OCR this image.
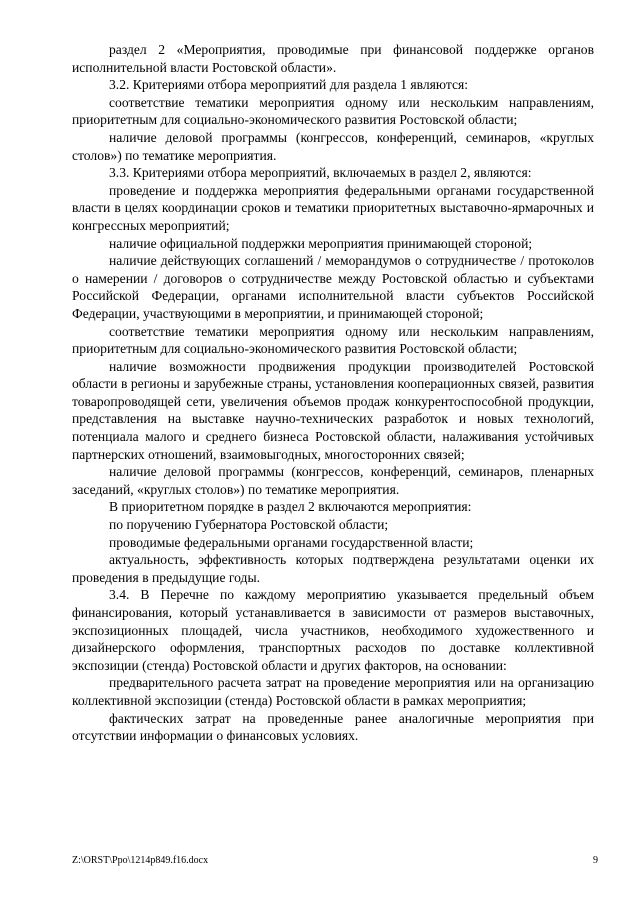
раздел 2 «Мероприятия, проводимые при финансовой поддержке органов исполнительной власти Ростовской области».

3.2. Критериями отбора мероприятий для раздела 1 являются:

соответствие тематики мероприятия одному или нескольким направлениям, приоритетным для социально-экономического развития Ростовской области;

наличие деловой программы (конгрессов, конференций, семинаров, «круглых столов») по тематике мероприятия.

3.3. Критериями отбора мероприятий, включаемых в раздел 2, являются:

проведение и поддержка мероприятия федеральными органами государственной власти в целях координации сроков и тематики приоритетных выставочно-ярмарочных и конгрессных мероприятий;

наличие официальной поддержки мероприятия принимающей стороной;

наличие действующих соглашений / меморандумов о сотрудничестве / протоколов о намерении / договоров о сотрудничестве между Ростовской областью и субъектами Российской Федерации, органами исполнительной власти субъектов Российской Федерации, участвующими в мероприятии, и принимающей стороной;

соответствие тематики мероприятия одному или нескольким направлениям, приоритетным для социально-экономического развития Ростовской области;

наличие возможности продвижения продукции производителей Ростовской области в регионы и зарубежные страны, установления кооперационных связей, развития товаропроводящей сети, увеличения объемов продаж конкурентоспособной продукции, представления на выставке научно-технических разработок и новых технологий, потенциала малого и среднего бизнеса Ростовской области, налаживания устойчивых партнерских отношений, взаимовыгодных, многосторонних связей;

наличие деловой программы (конгрессов, конференций, семинаров, пленарных заседаний, «круглых столов») по тематике мероприятия.

В приоритетном порядке в раздел 2 включаются мероприятия:

по поручению Губернатора Ростовской области;

проводимые федеральными органами государственной власти;

актуальность, эффективность которых подтверждена результатами оценки их проведения в предыдущие годы.

3.4. В Перечне по каждому мероприятию указывается предельный объем финансирования, который устанавливается в зависимости от размеров выставочных, экспозиционных площадей, числа участников, необходимого художественного и дизайнерского оформления, транспортных расходов по доставке коллективной экспозиции (стенда) Ростовской области и других факторов, на основании:

предварительного расчета затрат на проведение мероприятия или на организацию коллективной экспозиции (стенда) Ростовской области в рамках мероприятия;

фактических затрат на проведенные ранее аналогичные мероприятия при отсутствии информации о финансовых условиях.

Z:\ORST\Ppo\1214p849.f16.docx	9
